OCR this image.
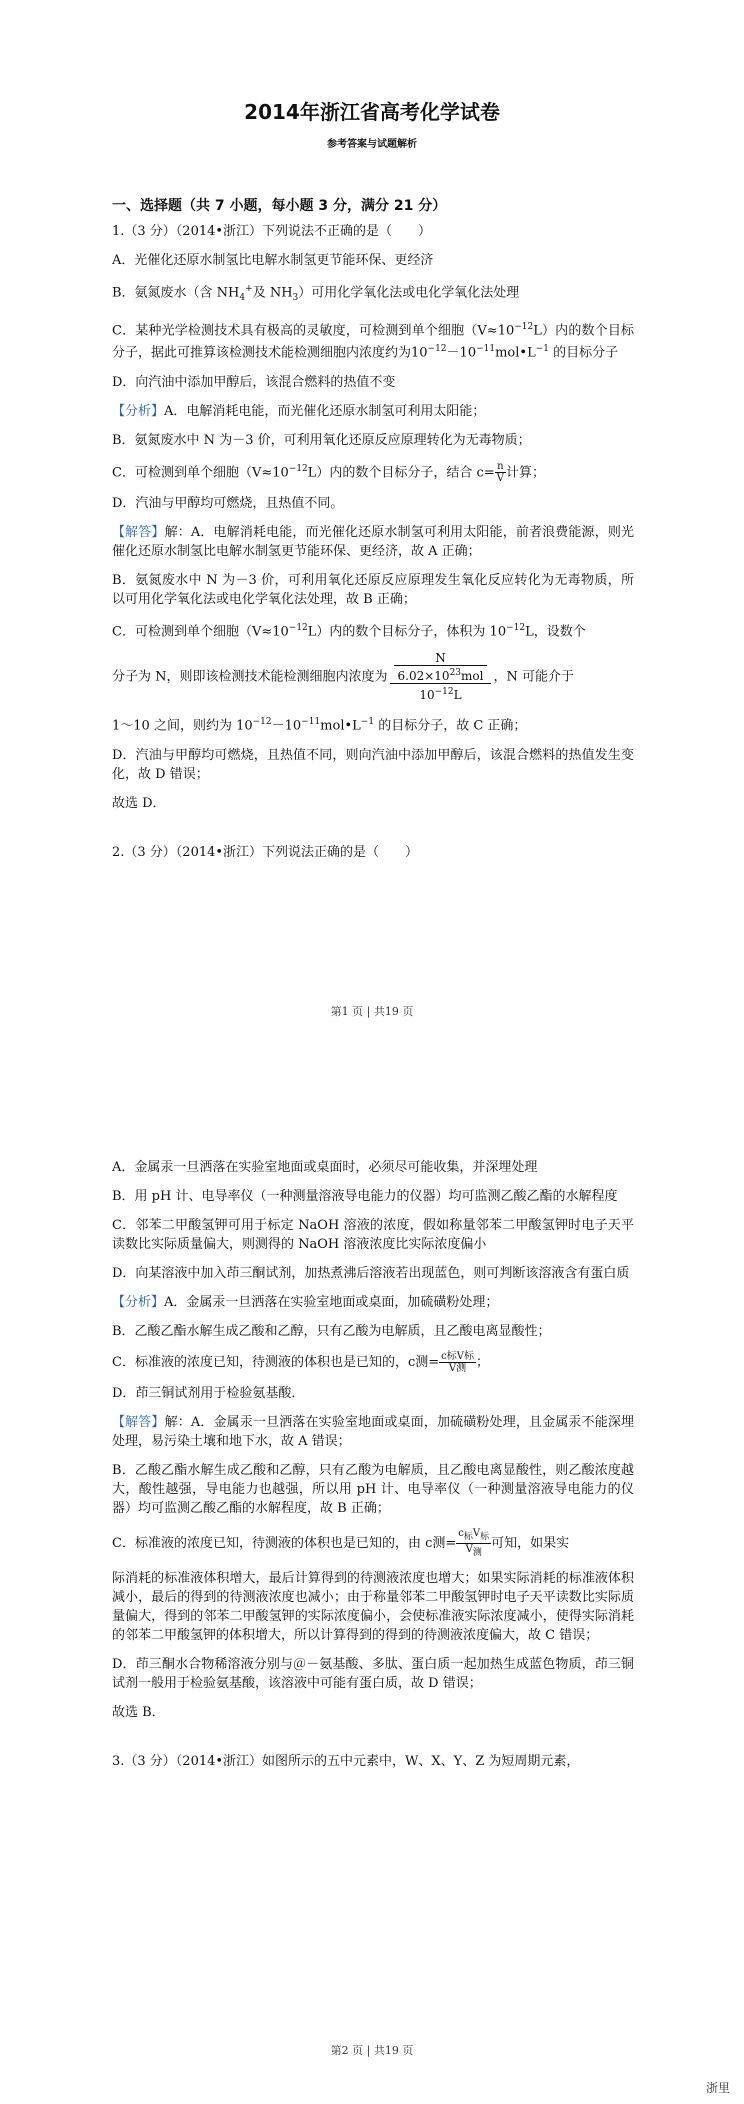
2014年浙江省高考化学试卷
参考答案与试题解析
一、选择题（共 7 小题，每小题 3 分，满分 21 分）

1.（3 分）（2014•浙江）下列说法不正确的是（　　）

A．光催化还原水制氢比电解水制氢更节能环保、更经济

B．氨氮废水（含 $NH_4^+$及 $NH_3$）可用化学氧化法或电化学氧化法处理

C．某种光学检测技术具有极高的灵敏度，可检测到单个细胞$(V\approx 10^{-12}L)$内的数个目标分子，据此可推算该检测技术能检测细胞内浓度约为$10^{-12}-10^{-11}mol•L^{-1}$ 的目标分子

D．向汽油中添加甲醇后，该混合燃料的热值不变

【分析】A．电解消耗电能，而光催化还原水制氢可利用太阳能；

B．氨氮废水中 N 为－3 价，可利用氧化还原反应原理转化为无毒物质；

C．可检测到单个细胞$(V\approx 10^{-12}L)$内的数个目标分子，结合 $c= \frac{n}{V}$ 计算；

D．汽油与甲醇均可燃烧，且热值不同。

【解答】解：A．电解消耗电能，而光催化还原水制氢可利用太阳能，前者浪费能源，则光催化还原水制氢比电解水制氢更节能环保、更经济，故 A 正确；

B．氨氮废水中 N 为－3 价，可利用氧化还原反应原理发生氧化反应转化为无毒物质，所以可用化学氧化法或电化学氧化法处理，故 B 正确；

C．可检测到单个细胞$(V\approx 10^{-12}L)$内的数个目标分子，体积为 $10^{-12}L$，设数个

分子为 N，则即该检测技术能检测细胞内浓度为 $\frac{\frac{N}{6.02\times 10^{23}mol}}{10^{-12}L}$ ，N 可能介于

1～10 之间，则约为 $10^{-12}-10^{-11}mol•L^{-1}$ 的目标分子，故 C 正确；

D．汽油与甲醇均可燃烧，且热值不同，则向汽油中添加甲醇后，该混合燃料的热值发生变化，故 D 错误；

故选 D．

2.（3 分）（2014•浙江）下列说法正确的是（　　）

第1 页 | 共19 页

A．金属汞一旦洒落在实验室地面或桌面时，必须尽可能收集，并深埋处理

B．用 pH 计、电导率仪（一种测量溶液导电能力的仪器）均可监测乙酸乙酯的水解程度

C．邻苯二甲酸氢钾可用于标定 NaOH 溶液的浓度，假如称量邻苯二甲酸氢钾时电子天平读数比实际质量偏大，则测得的 NaOH 溶液浓度比实际浓度偏小

D．向某溶液中加入茚三酮试剂，加热煮沸后溶液若出现蓝色，则可判断该溶液含有蛋白质

【分析】A．金属汞一旦洒落在实验室地面或桌面，加硫磺粉处理；

B．乙酸乙酯水解生成乙酸和乙醇，只有乙酸为电解质，且乙酸电离显酸性；

C．标准液的浓度已知，待测液的体积也是已知的，c测= $\frac{\text{c标V标}}{\text{V测}}$ ；

D．茚三铜试剂用于检验氨基酸．

【解答】解：A．金属汞一旦洒落在实验室地面或桌面，加硫磺粉处理，且金属汞不能深埋处理，易污染土壤和地下水，故 A 错误；

B．乙酸乙酯水解生成乙酸和乙醇，只有乙酸为电解质，且乙酸电离显酸性，则乙酸浓度越大，酸性越强，导电能力也越强，所以用 pH 计、电导率仪（一种测量溶液导电能力的仪器）均可监测乙酸乙酯的水解程度，故 B 正确；

C．标准液的浓度已知，待测液的体积也是已知的，由 c测= $\frac{c_标V_标}{V_测}$ 可知，如果实

际消耗的标准液体积增大，最后计算得到的待测液浓度也增大；如果实际消耗的标准液体积减小，最后的得到的待测液浓度也减小；由于称量邻苯二甲酸氢钾时电子天平读数比实际质量偏大，得到的邻苯二甲酸氢钾的实际浓度偏小，会使标准液实际浓度减小，使得实际消耗的邻苯二甲酸氢钾的体积增大，所以计算得到的得到的待测液浓度偏大，故 C 错误；

D．茚三酮水合物稀溶液分别与＠－氨基酸、多肽、蛋白质一起加热生成蓝色物质，茚三铜试剂一般用于检验氨基酸，该溶液中可能有蛋白质，故 D 错误；

故选 B．

3.（3 分）（2014•浙江）如图所示的五中元素中，W、X、Y、Z 为短周期元素，

第2 页 | 共19 页
浙里
